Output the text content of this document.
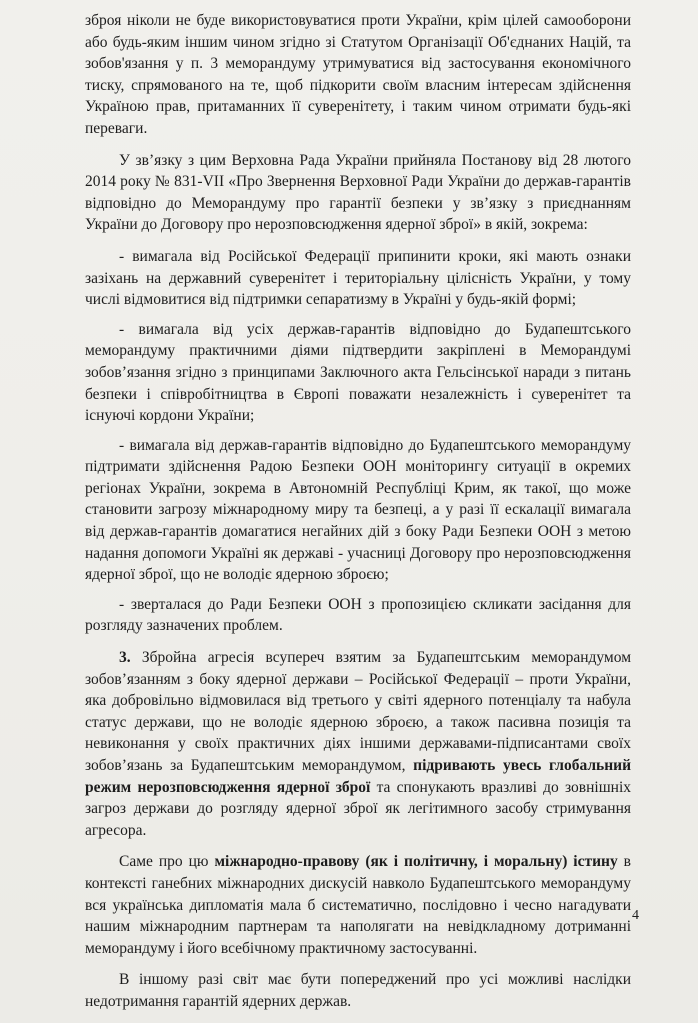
зброя ніколи не буде використовуватися проти України, крім цілей самооборони або будь-яким іншим чином згідно зі Статутом Організації Об'єднаних Націй, та зобов'язання у п. 3 меморандуму утримуватися від застосування економічного тиску, спрямованого на те, щоб підкорити своїм власним інтересам здійснення Україною прав, притаманних її суверенітету, і таким чином отримати будь-які переваги.

У зв’язку з цим Верховна Рада України прийняла Постанову від 28 лютого 2014 року № 831-VII «Про Звернення Верховної Ради України до держав-гарантів відповідно до Меморандуму про гарантії безпеки у зв’язку з приєднанням України до Договору про нерозповсюдження ядерної зброї» в якій, зокрема:

- вимагала від Російської Федерації припинити кроки, які мають ознаки зазіхань на державний суверенітет і територіальну цілісність України, у тому числі відмовитися від підтримки сепаратизму в Україні у будь-якій формі;

- вимагала від усіх держав-гарантів відповідно до Будапештського меморандуму практичними діями підтвердити закріплені в Меморандумі зобов’язання згідно з принципами Заключного акта Гельсінської наради з питань безпеки і співробітництва в Європі поважати незалежність і суверенітет та існуючі кордони України;

- вимагала від держав-гарантів відповідно до Будапештського меморандуму підтримати здійснення Радою Безпеки ООН моніторингу ситуації в окремих регіонах України, зокрема в Автономній Республіці Крим, як такої, що може становити загрозу міжнародному миру та безпеці, а у разі її ескалації вимагала від держав-гарантів домагатися негайних дій з боку Ради Безпеки ООН з метою надання допомоги Україні як державі - учасниці Договору про нерозповсюдження ядерної зброї, що не володіє ядерною зброєю;

- зверталася до Ради Безпеки ООН з пропозицією скликати засідання для розгляду зазначених проблем.

3. Збройна агресія всупереч взятим за Будапештським меморандумом зобов’язанням з боку ядерної держави – Російської Федерації – проти України, яка добровільно відмовилася від третього у світі ядерного потенціалу та набула статус держави, що не володіє ядерною зброєю, а також пасивна позиція та невиконання у своїх практичних діях іншими державами-підписантами своїх зобов’язань за Будапештським меморандумом, підривають увесь глобальний режим нерозповсюдження ядерної зброї та спонукають вразливі до зовнішніх загроз держави до розгляду ядерної зброї як легітимного засобу стримування агресора.

Саме про цю міжнародно-правову (як і політичну, і моральну) істину в контексті ганебних міжнародних дискусій навколо Будапештського меморандуму вся українська дипломатія мала б систематично, послідовно і чесно нагадувати нашим міжнародним партнерам та наполягати на невідкладному дотриманні меморандуму і його всебічному практичному застосуванні.

В іншому разі світ має бути попереджений про усі можливі наслідки недотримання гарантій ядерних держав.

4
